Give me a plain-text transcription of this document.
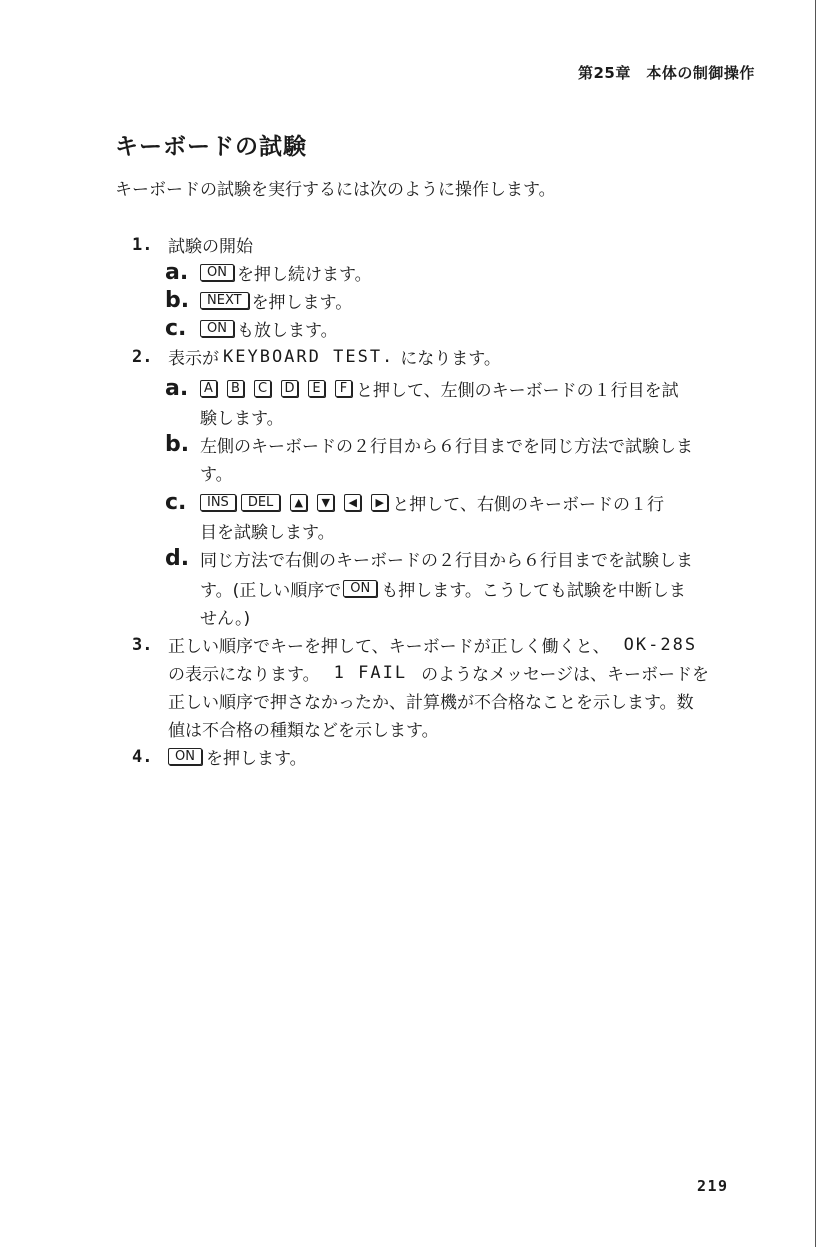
第25章　本体の制御操作
キーボードの試験
キーボードの試験を実行するには次のように操作します。
1. 試験の開始
a.	ON を押し続けます。
b.	NEXT を押します。
c.	ON も放します。
2. 表示が KEYBOARD TEST. になります。
a.	A	B	C	D	E	F と押して、左側のキーボードの１行目を試
験します。
b. 左側のキーボードの２行目から６行目までを同じ方法で試験しま
す。
c.	INS	DEL	▲	▼	◀	▶ と押して、右側のキーボードの１行
目を試験します。
d. 同じ方法で右側のキーボードの２行目から６行目までを試験しま
す。(正しい順序で ON も押します。こうしても試験を中断しま
せん。)
3. 正しい順序でキーを押して、キーボードが正しく働くと、 OK-28S
の表示になります。 1 FAIL のようなメッセージは、キーボードを
正しい順序で押さなかったか、計算機が不合格なことを示します。数
値は不合格の種類などを示します。
4.	ON を押します。
219
